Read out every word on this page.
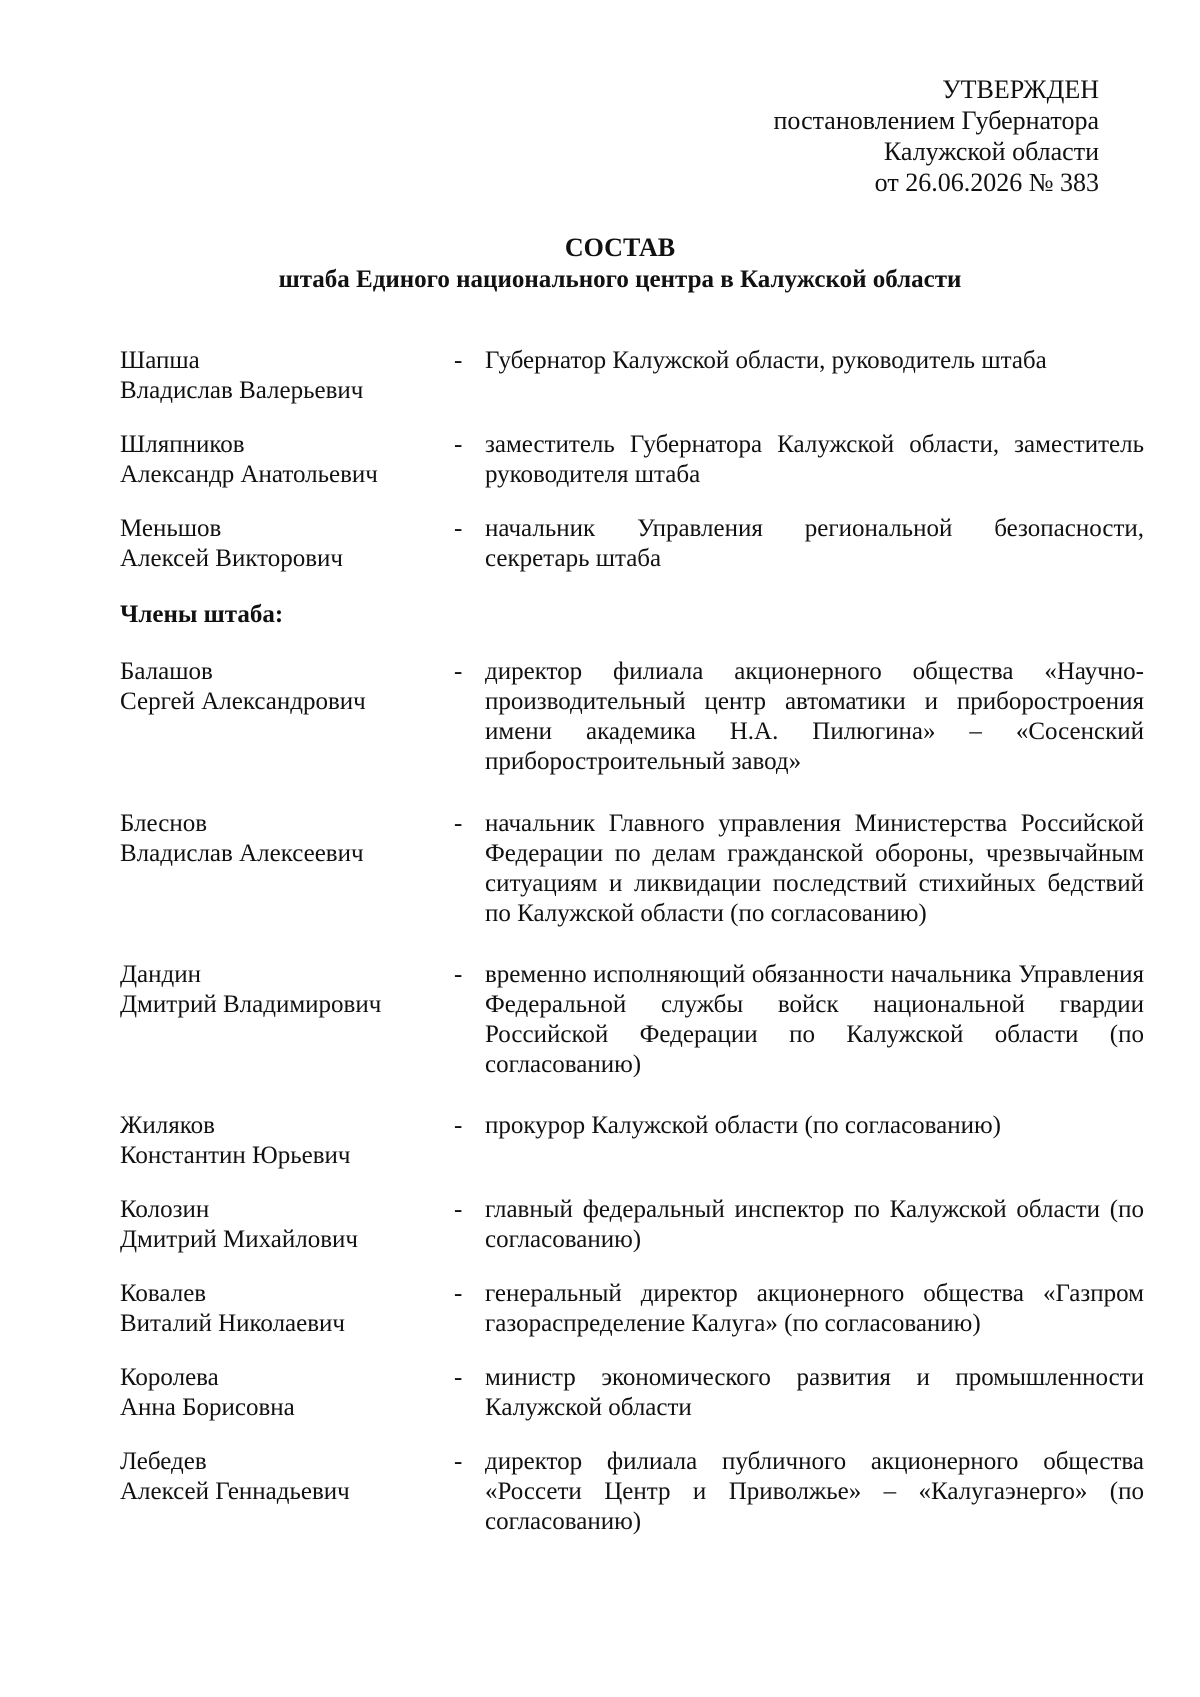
УТВЕРЖДЕН
постановлением Губернатора
Калужской области
от 26.06.2026 № 383
СОСТАВ
штаба Единого национального центра в Калужской области
Шапша
Владислав Валерьевич
- Губернатор Калужской области, руководитель штаба
Шляпников
Александр Анатольевич
- заместитель Губернатора Калужской области, заместитель руководителя штаба
Меньшов
Алексей Викторович
- начальник Управления региональной безопасности, секретарь штаба
Члены штаба:
Балашов
Сергей Александрович
- директор филиала акционерного общества «Научно-производительный центр автоматики и приборостроения имени академика Н.А. Пилюгина» – «Сосенский приборостроительный завод»
Блеснов
Владислав Алексеевич
- начальник Главного управления Министерства Российской Федерации по делам гражданской обороны, чрезвычайным ситуациям и ликвидации последствий стихийных бедствий по Калужской области (по согласованию)
Дандин
Дмитрий Владимирович
- временно исполняющий обязанности начальника Управления Федеральной службы войск национальной гвардии Российской Федерации по Калужской области (по согласованию)
Жиляков
Константин Юрьевич
- прокурор Калужской области (по согласованию)
Колозин
Дмитрий Михайлович
- главный федеральный инспектор по Калужской области (по согласованию)
Ковалев
Виталий Николаевич
- генеральный директор акционерного общества «Газпром газораспределение Калуга» (по согласованию)
Королева
Анна Борисовна
- министр экономического развития и промышленности Калужской области
Лебедев
Алексей Геннадьевич
- директор филиала публичного акционерного общества «Россети Центр и Приволжье» – «Калугаэнерго» (по согласованию)
